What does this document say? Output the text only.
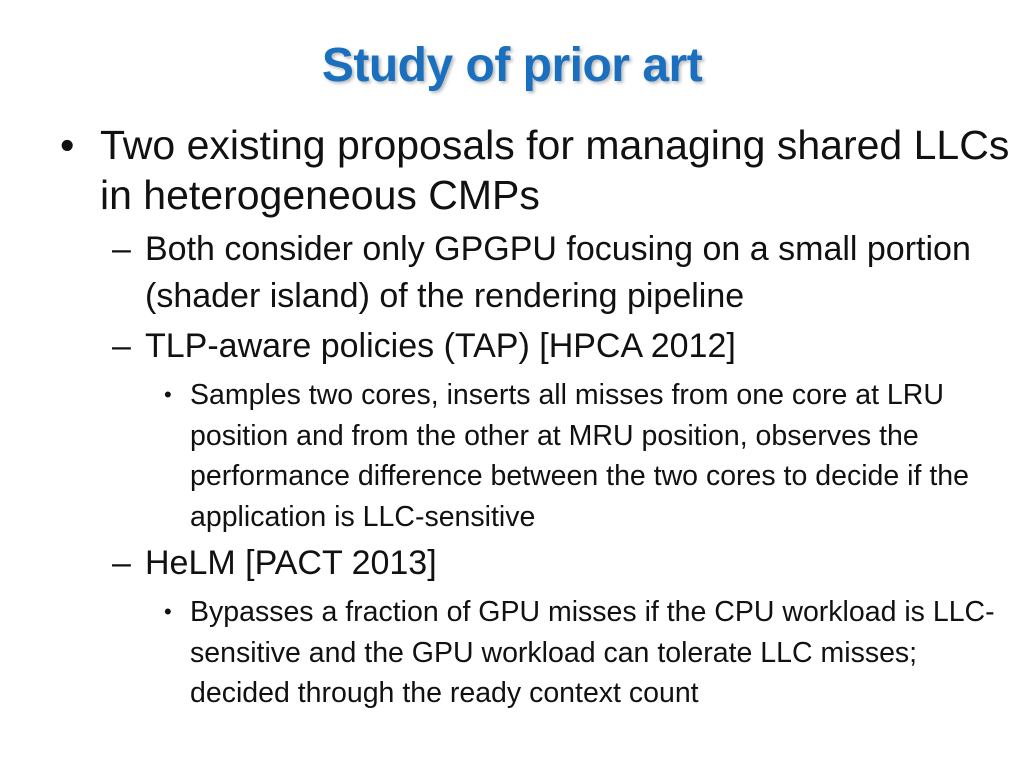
Study of prior art
• Two existing proposals for managing shared LLCs in heterogeneous CMPs
– Both consider only GPGPU focusing on a small portion (shader island) of the rendering pipeline
– TLP-aware policies (TAP) [HPCA 2012]
• Samples two cores, inserts all misses from one core at LRU position and from the other at MRU position, observes the performance difference between the two cores to decide if the application is LLC-sensitive
– HeLM [PACT 2013]
• Bypasses a fraction of GPU misses if the CPU workload is LLC-sensitive and the GPU workload can tolerate LLC misses; decided through the ready context count
